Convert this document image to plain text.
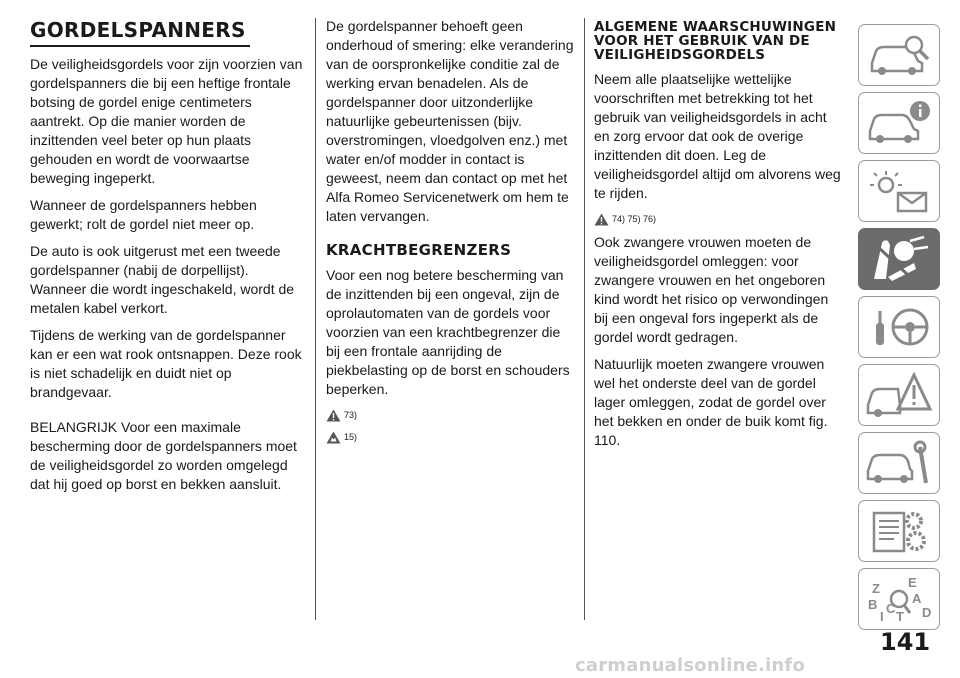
GORDELSPANNERS

De veiligheidsgordels voor zijn voorzien van gordelspanners die bij een heftige frontale botsing de gordel enige centimeters aantrekt. Op die manier worden de inzittenden veel beter op hun plaats gehouden en wordt de voorwaartse beweging ingeperkt.

Wanneer de gordelspanners hebben gewerkt; rolt de gordel niet meer op.

De auto is ook uitgerust met een tweede gordelspanner (nabij de dorpellijst). Wanneer die wordt ingeschakeld, wordt de metalen kabel verkort.

Tijdens de werking van de gordelspanner kan er een wat rook ontsnappen. Deze rook is niet schadelijk en duidt niet op brandgevaar.

BELANGRIJK Voor een maximale bescherming door de gordelspanners moet de veiligheidsgordel zo worden omgelegd dat hij goed op borst en bekken aansluit.

De gordelspanner behoeft geen onderhoud of smering: elke verandering van de oorspronkelijke conditie zal de werking ervan benadelen. Als de gordelspanner door uitzonderlijke natuurlijke gebeurtenissen (bijv. overstromingen, vloedgolven enz.) met water en/of modder in contact is geweest, neem dan contact op met het Alfa Romeo Servicenetwerk om hem te laten vervangen.

KRACHTBEGRENZERS

Voor een nog betere bescherming van de inzittenden bij een ongeval, zijn de oprolautomaten van de gordels voor voorzien van een krachtbegrenzer die bij een frontale aanrijding de piekbelasting op de borst en schouders beperken.

73)
15)
ALGEMENE WAARSCHUWINGEN VOOR HET GEBRUIK VAN DE VEILIGHEIDSGORDELS

Neem alle plaatselijke wettelijke voorschriften met betrekking tot het gebruik van veiligheidsgordels in acht en zorg ervoor dat ook de overige inzittenden dit doen. Leg de veiligheidsgordel altijd om alvorens weg te rijden.

74) 75) 76)

Ook zwangere vrouwen moeten de veiligheidsgordel omleggen: voor zwangere vrouwen en het ongeboren kind wordt het risico op verwondingen bij een ongeval fors ingeperkt als de gordel wordt gedragen.

Natuurlijk moeten zwangere vrouwen wel het onderste deel van de gordel lager omleggen, zodat de gordel over het bekken en onder de buik komt fig. 110.

Z E
A
B C
T D
I
141
carmanualsonline.info
